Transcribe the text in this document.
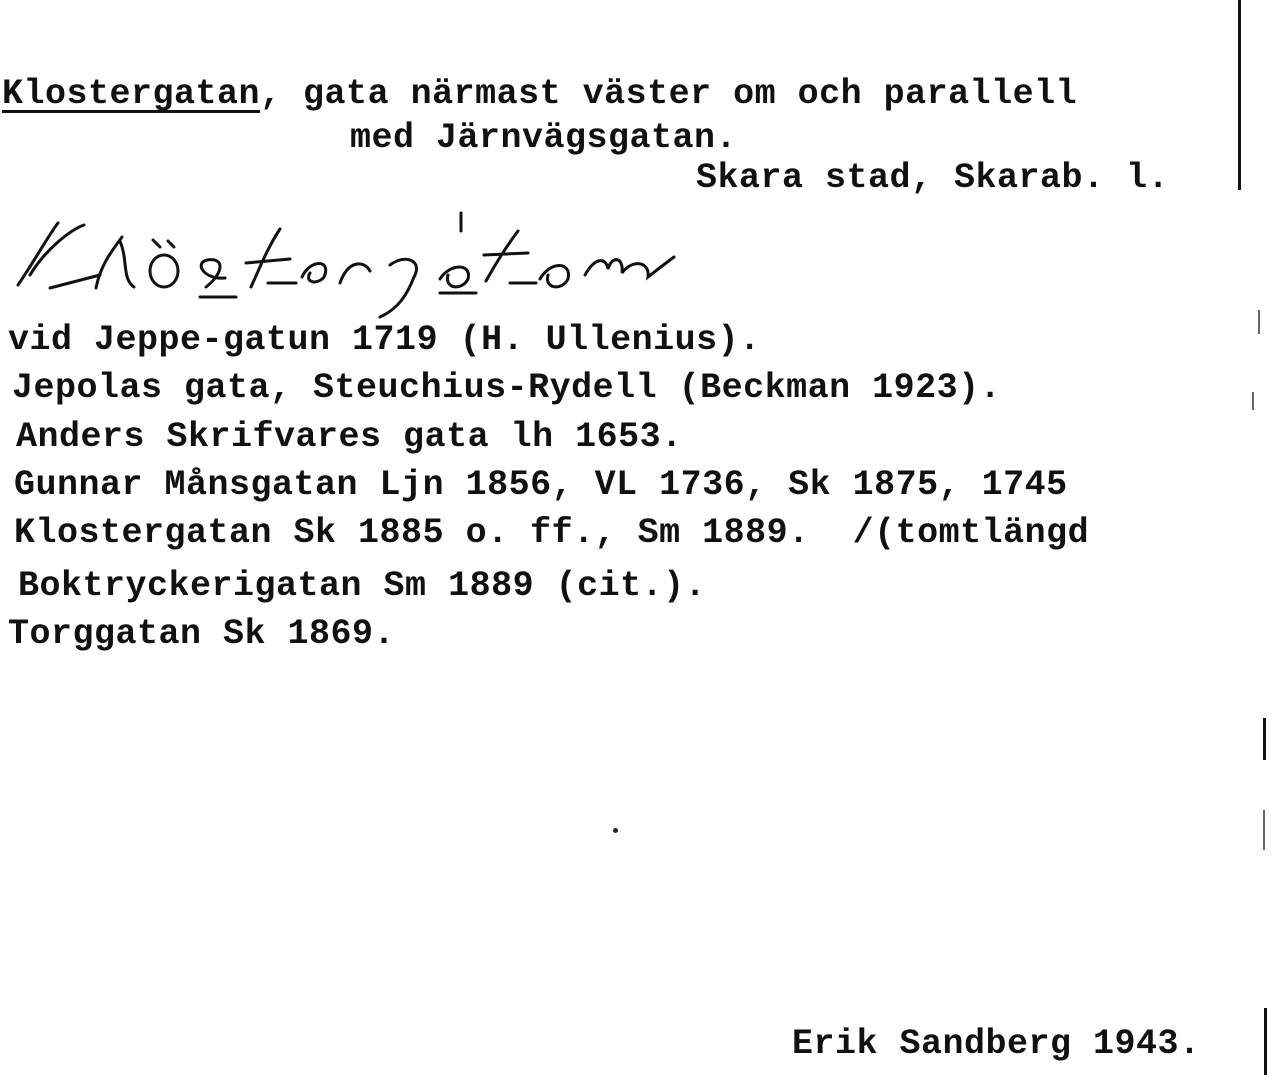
Klostergatan, gata närmast väster om och parallell
med Järnvägsgatan.
Skara stad, Skarab. l.
vid Jeppe-gatun 1719 (H. Ullenius).
Jepolas gata, Steuchius-Rydell (Beckman 1923).
Anders Skrifvares gata lh 1653.
Gunnar Månsgatan Ljn 1856, VL 1736, Sk 1875, 1745
Klostergatan Sk 1885 o. ff., Sm 1889.  /(tomtlängd
Boktryckerigatan Sm 1889 (cit.).
Torggatan Sk 1869.
Erik Sandberg 1943.
